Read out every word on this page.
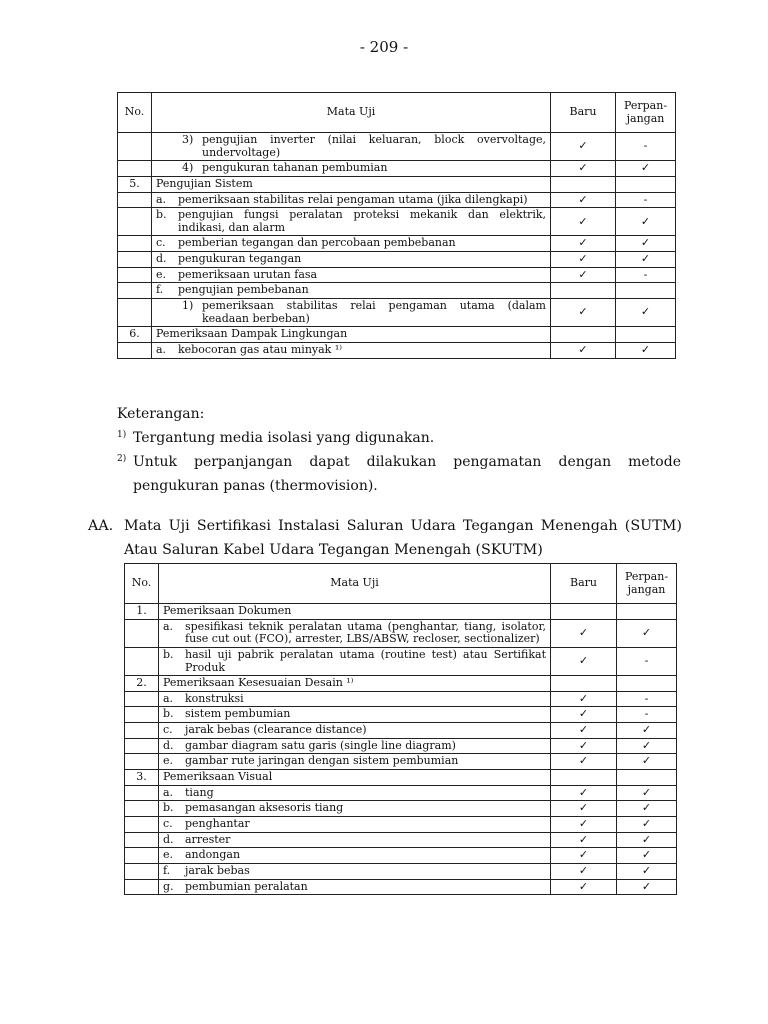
- 209 -
No.	Mata Uji	Baru	Perpan-
jangan

	3) pengujian inverter (nilai keluaran, block overvoltage, undervoltage)	✓	-

	4) pengukuran tahanan pembumian	✓	✓
5.	Pengujian Sistem		

	a. pemeriksaan stabilitas relai pengaman utama (jika dilengkapi)	✓	-

	b. pengujian fungsi peralatan proteksi mekanik dan elektrik, indikasi, dan alarm	✓	✓

	c. pemberian tegangan dan percobaan pembebanan	✓	✓

	d. pengukuran tegangan	✓	✓

	e. pemeriksaan urutan fasa	✓	-

	f. pengujian pembebanan		

	1) pemeriksaan stabilitas relai pengaman utama (dalam keadaan berbeban)	✓	✓
6.	Pemeriksaan Dampak Lingkungan		

	a. kebocoran gas atau minyak ¹⁾	✓	✓
Keterangan:
1) Tergantung media isolasi yang digunakan.
2) Untuk perpanjangan dapat dilakukan pengamatan dengan metode pengukuran panas (thermovision).
AA. Mata Uji Sertifikasi Instalasi Saluran Udara Tegangan Menengah (SUTM) Atau Saluran Kabel Udara Tegangan Menengah (SKUTM)
No.	Mata Uji	Baru	Perpan-
jangan
1.	Pemeriksaan Dokumen		

	a. spesifikasi teknik peralatan utama (penghantar, tiang, isolator, fuse cut out (FCO), arrester, LBS/ABSW, recloser, sectionalizer)	✓	✓

	b. hasil uji pabrik peralatan utama (routine test) atau Sertifikat Produk	✓	-
2.	Pemeriksaan Kesesuaian Desain ¹⁾		

	a. konstruksi	✓	-

	b. sistem pembumian	✓	-

	c. jarak bebas (clearance distance)	✓	✓

	d. gambar diagram satu garis (single line diagram)	✓	✓

	e. gambar rute jaringan dengan sistem pembumian	✓	✓
3.	Pemeriksaan Visual		

	a. tiang	✓	✓

	b. pemasangan aksesoris tiang	✓	✓

	c. penghantar	✓	✓

	d. arrester	✓	✓

	e. andongan	✓	✓

	f. jarak bebas	✓	✓

	g. pembumian peralatan	✓	✓
